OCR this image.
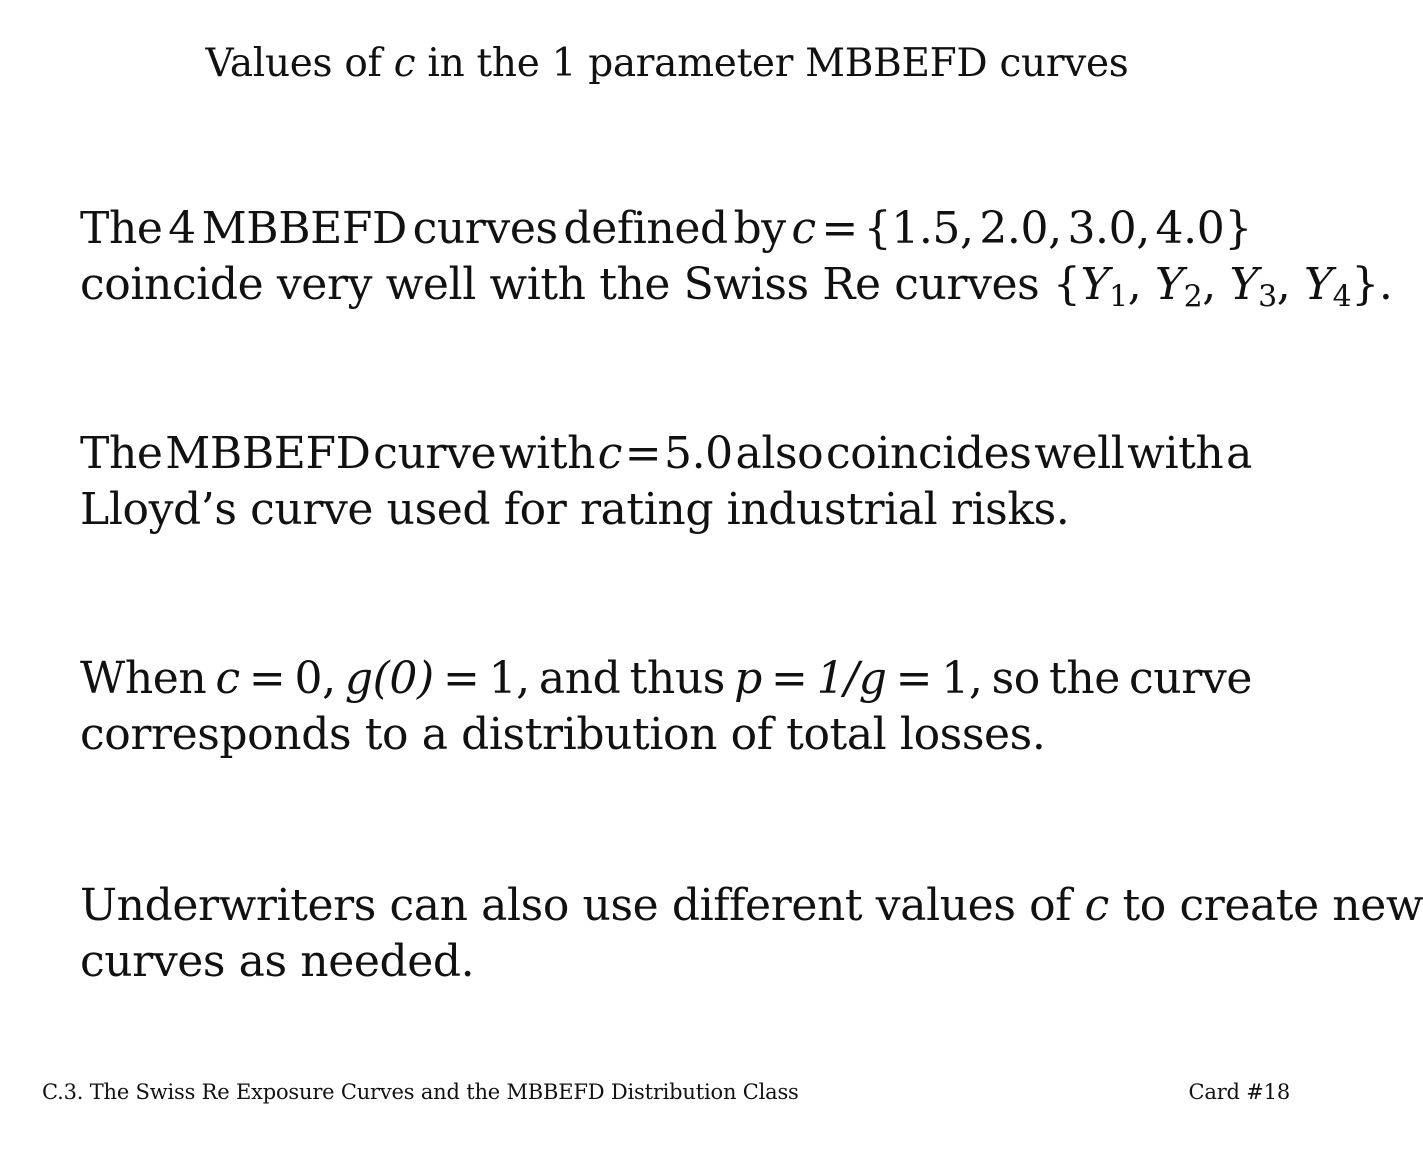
Values of c in the 1 parameter MBBEFD curves
The 4 MBBEFD curves defined by c = {1.5, 2.0, 3.0, 4.0}
coincide very well with the Swiss Re curves {$Y_1$, $Y_2$, $Y_3$, $Y_4$}.
The MBBEFD curve with c = 5.0 also coincides well with a
Lloyd’s curve used for rating industrial risks.
When c = 0, g(0) = 1, and thus p = 1/g = 1, so the curve
corresponds to a distribution of total losses.
Underwriters can also use different values of c to create new
curves as needed.
C.3. The Swiss Re Exposure Curves and the MBBEFD Distribution Class	Card #18
